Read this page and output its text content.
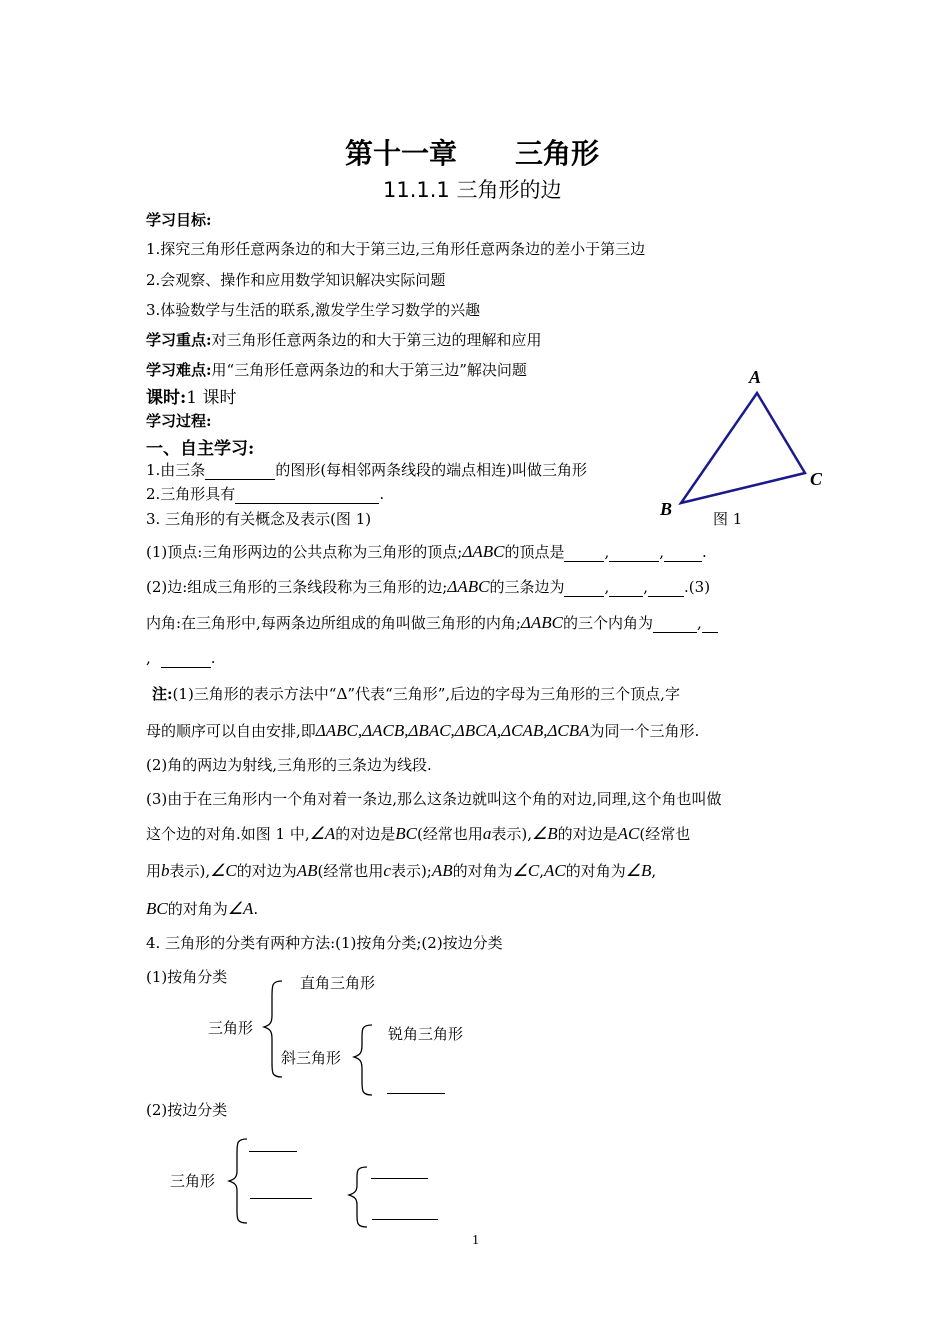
第十一章 三角形
11.1.1 三角形的边
学习目标:
1.探究三角形任意两条边的和大于第三边,三角形任意两条边的差小于第三边
2.会观察、操作和应用数学知识解决实际问题
3.体验数学与生活的联系,激发学生学习数学的兴趣
学习重点:对三角形任意两条边的和大于第三边的理解和应用
学习难点:用“三角形任意两条边的和大于第三边”解决问题
课时:1 课时
学习过程:
一、自主学习:
1.由三条	的图形(每相邻两条线段的端点相连)叫做三角形
2.三角形具有	.
3. 三角形的有关概念及表示(图 1)
A
B
C
图 1
(1)顶点:三角形两边的公共点称为三角形的顶点;ΔABC的顶点是	,	,	.
(2)边:组成三角形的三条线段称为三角形的边;ΔABC的三条边为	, , .(3)
内角:在三角形中,每两条边所组成的角叫做三角形的内角;ΔABC的三个内角为	,
,	.
注:(1)三角形的表示方法中“Δ”代表“三角形”,后边的字母为三角形的三个顶点,字
母的顺序可以自由安排,即ΔABC,ΔACB,ΔBAC,ΔBCA,ΔCAB,ΔCBA为同一个三角形.
(2)角的两边为射线,三角形的三条边为线段.
(3)由于在三角形内一个角对着一条边,那么这条边就叫这个角的对边,同理,这个角也叫做
这个边的对角.如图 1 中,∠A的对边是BC(经常也用a表示),∠B的对边是AC(经常也
用b表示),∠C的对边为AB(经常也用c表示);AB的对角为∠C,AC的对角为∠B,
BC的对角为∠A.
4. 三角形的分类有两种方法:(1)按角分类;(2)按边分类
(1)按角分类
三角形
直角三角形
斜三角形
锐角三角形
(2)按边分类
三角形
1
